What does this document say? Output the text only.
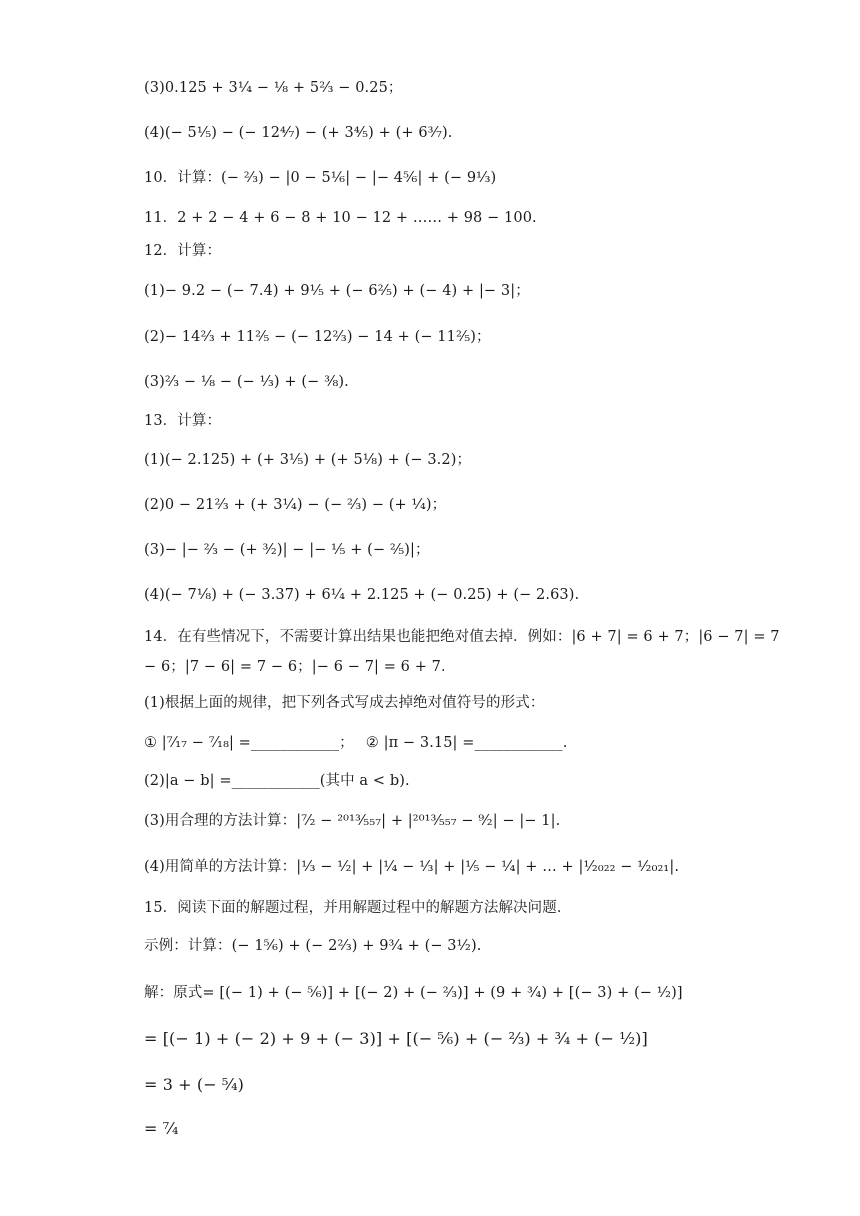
(3)0.125 + 3¹⁄₄ − ¹⁄₈ + 5²⁄₃ − 0.25；
(4)(− 5¹⁄₅) − (− 12⁴⁄₇) − (+ 3⁴⁄₅) + (+ 6³⁄₇).
10．计算：(− ²⁄₃) − |0 − 5¹⁄₆| − |− 4⁵⁄₆| + (− 9¹⁄₃)
11．2 + 2 − 4 + 6 − 8 + 10 − 12 + …… + 98 − 100.
12．计算：
(1)− 9.2 − (− 7.4) + 9¹⁄₅ + (− 6²⁄₅) + (− 4) + |− 3|；
(2)− 14²⁄₃ + 11²⁄₅ − (− 12²⁄₃) − 14 + (− 11²⁄₅)；
(3)²⁄₃ − ¹⁄₈ − (− ¹⁄₃) + (− ³⁄₈).
13．计算：
(1)(− 2.125) + (+ 3¹⁄₅) + (+ 5¹⁄₈) + (− 3.2)；
(2)0 − 21²⁄₃ + (+ 3¹⁄₄) − (− ²⁄₃) − (+ ¹⁄₄)；
(3)− |− ²⁄₃ − (+ ³⁄₂)| − |− ¹⁄₅ + (− ²⁄₅)|；
(4)(− 7¹⁄₈) + (− 3.37) + 6¹⁄₄ + 2.125 + (− 0.25) + (− 2.63).
14．在有些情况下，不需要计算出结果也能把绝对值去掉．例如：|6 + 7| = 6 + 7；|6 − 7| = 7 − 6；|7 − 6| = 7 − 6；|− 6 − 7| = 6 + 7．
(1)根据上面的规律，把下列各式写成去掉绝对值符号的形式：
① |⁷⁄₁₇ − ⁷⁄₁₈| =____________；　 ② |π − 3.15| =____________.
(2)|a − b| =____________(其中 a < b).
(3)用合理的方法计算：|⁷⁄₂ − ²⁰¹³⁄₅₅₇| + |²⁰¹³⁄₅₅₇ − ⁹⁄₂| − |− 1|.
(4)用简单的方法计算：|¹⁄₃ − ¹⁄₂| + |¹⁄₄ − ¹⁄₃| + |¹⁄₅ − ¹⁄₄| + … + |¹⁄₂₀₂₂ − ¹⁄₂₀₂₁|.
15．阅读下面的解题过程，并用解题过程中的解题方法解决问题．
示例：计算：(− 1⁵⁄₆) + (− 2²⁄₃) + 9³⁄₄ + (− 3¹⁄₂).
解：原式= [(− 1) + (− ⁵⁄₆)] + [(− 2) + (− ²⁄₃)] + (9 + ³⁄₄) + [(− 3) + (− ¹⁄₂)]
= [(− 1) + (− 2) + 9 + (− 3)] + [(− ⁵⁄₆) + (− ²⁄₃) + ³⁄₄ + (− ¹⁄₂)]
= 3 + (− ⁵⁄₄)
= ⁷⁄₄
